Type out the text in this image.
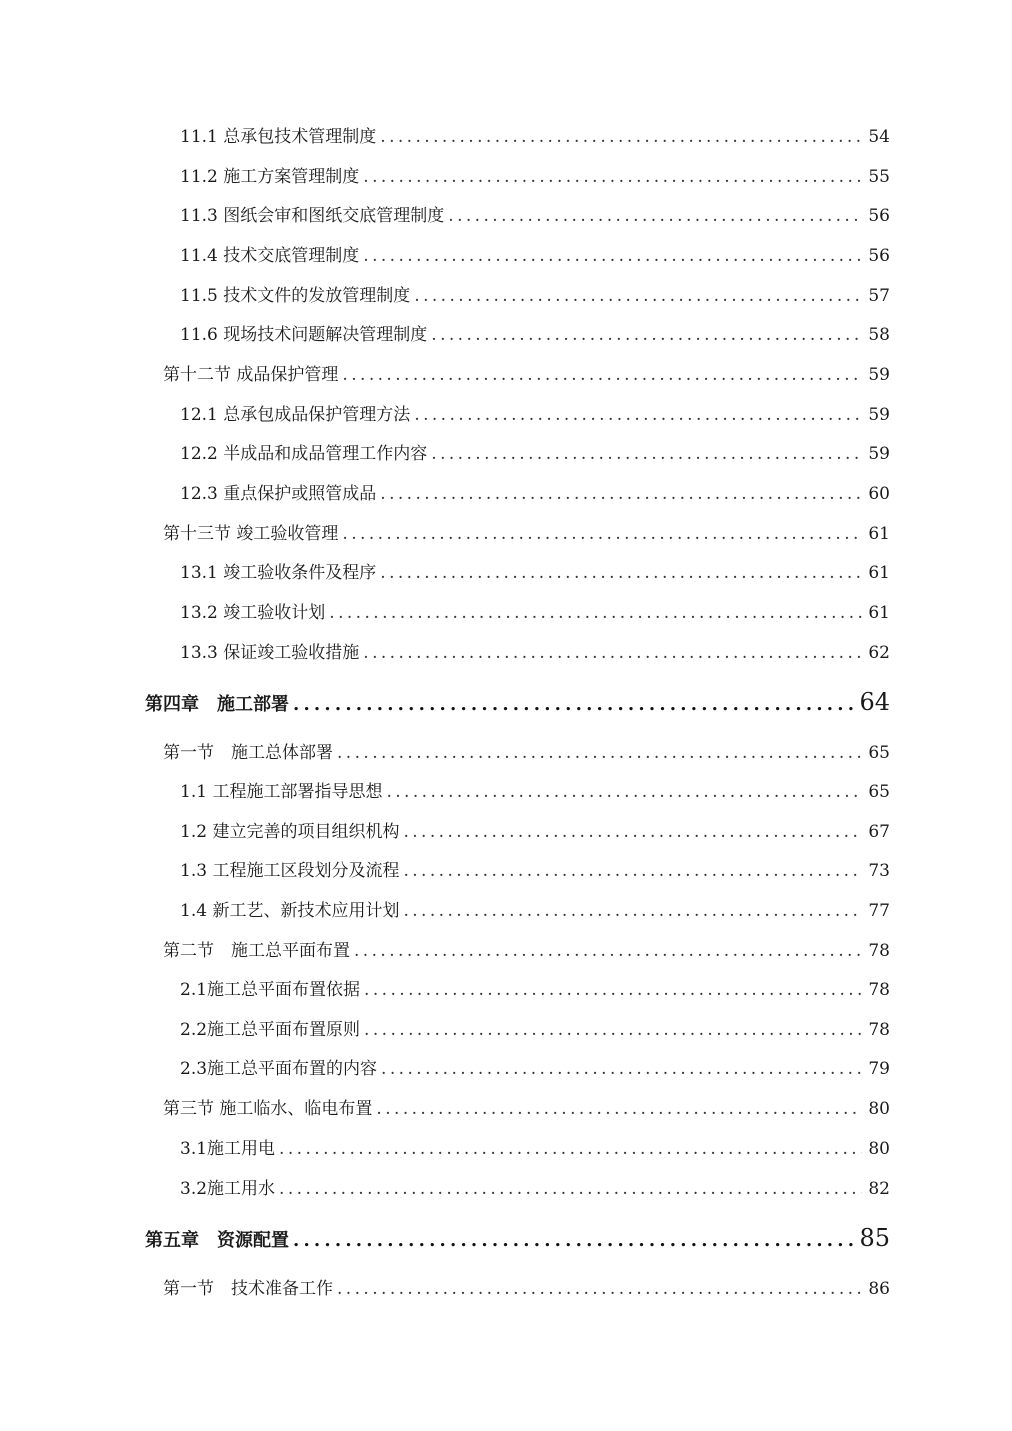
11.1 总承包技术管理制度 .....	54
11.2 施工方案管理制度 .....	55
11.3 图纸会审和图纸交底管理制度 .....	56
11.4 技术交底管理制度 .....	56
11.5 技术文件的发放管理制度 .....	57
11.6 现场技术问题解决管理制度 .....	58
第十二节 成品保护管理 .....	59
12.1 总承包成品保护管理方法 .....	59
12.2 半成品和成品管理工作内容 .....	59
12.3 重点保护或照管成品 .....	60
第十三节 竣工验收管理 .....	61
13.1 竣工验收条件及程序 .....	61
13.2 竣工验收计划 .....	61
13.3 保证竣工验收措施 .....	62
第四章　施工部署 .....	64
第一节　施工总体部署 .....	65
1.1 工程施工部署指导思想 .....	65
1.2 建立完善的项目组织机构 .....	67
1.3 工程施工区段划分及流程 .....	73
1.4 新工艺、新技术应用计划 .....	77
第二节　施工总平面布置 .....	78
2.1施工总平面布置依据 .....	78
2.2施工总平面布置原则 .....	78
2.3施工总平面布置的内容 .....	79
第三节 施工临水、临电布置 .....	80
3.1施工用电 .....	80
3.2施工用水 .....	82
第五章　资源配置 .....	85
第一节　技术准备工作 .....	86
